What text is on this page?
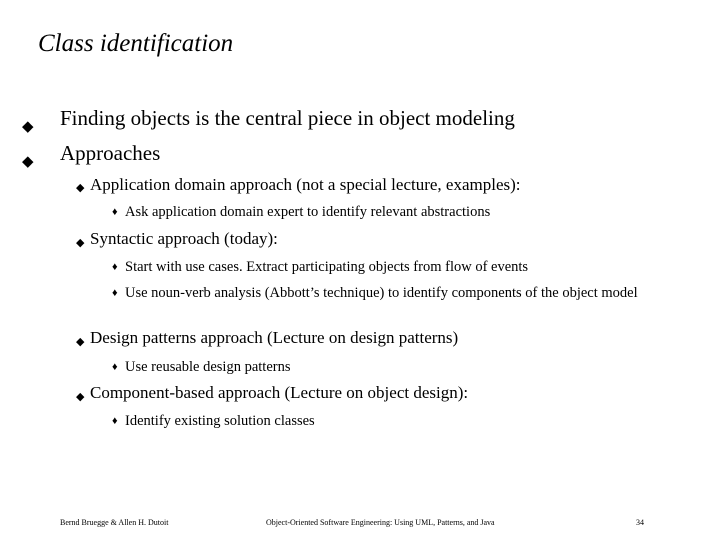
Class identification
◆ Finding objects is the central piece in object modeling
◆ Approaches
◆ Application domain approach (not a special lecture, examples):
♦ Ask application domain expert to identify relevant abstractions
◆ Syntactic approach (today):
♦ Start with use cases. Extract participating objects from flow of events
♦ Use noun-verb analysis (Abbott’s technique) to identify components of the object model
◆ Design patterns approach (Lecture on design patterns)
♦ Use reusable design patterns
◆ Component-based approach (Lecture on object design):
♦ Identify existing solution classes
Bernd Bruegge & Allen H. Dutoit	Object-Oriented Software Engineering: Using UML, Patterns, and Java	34
